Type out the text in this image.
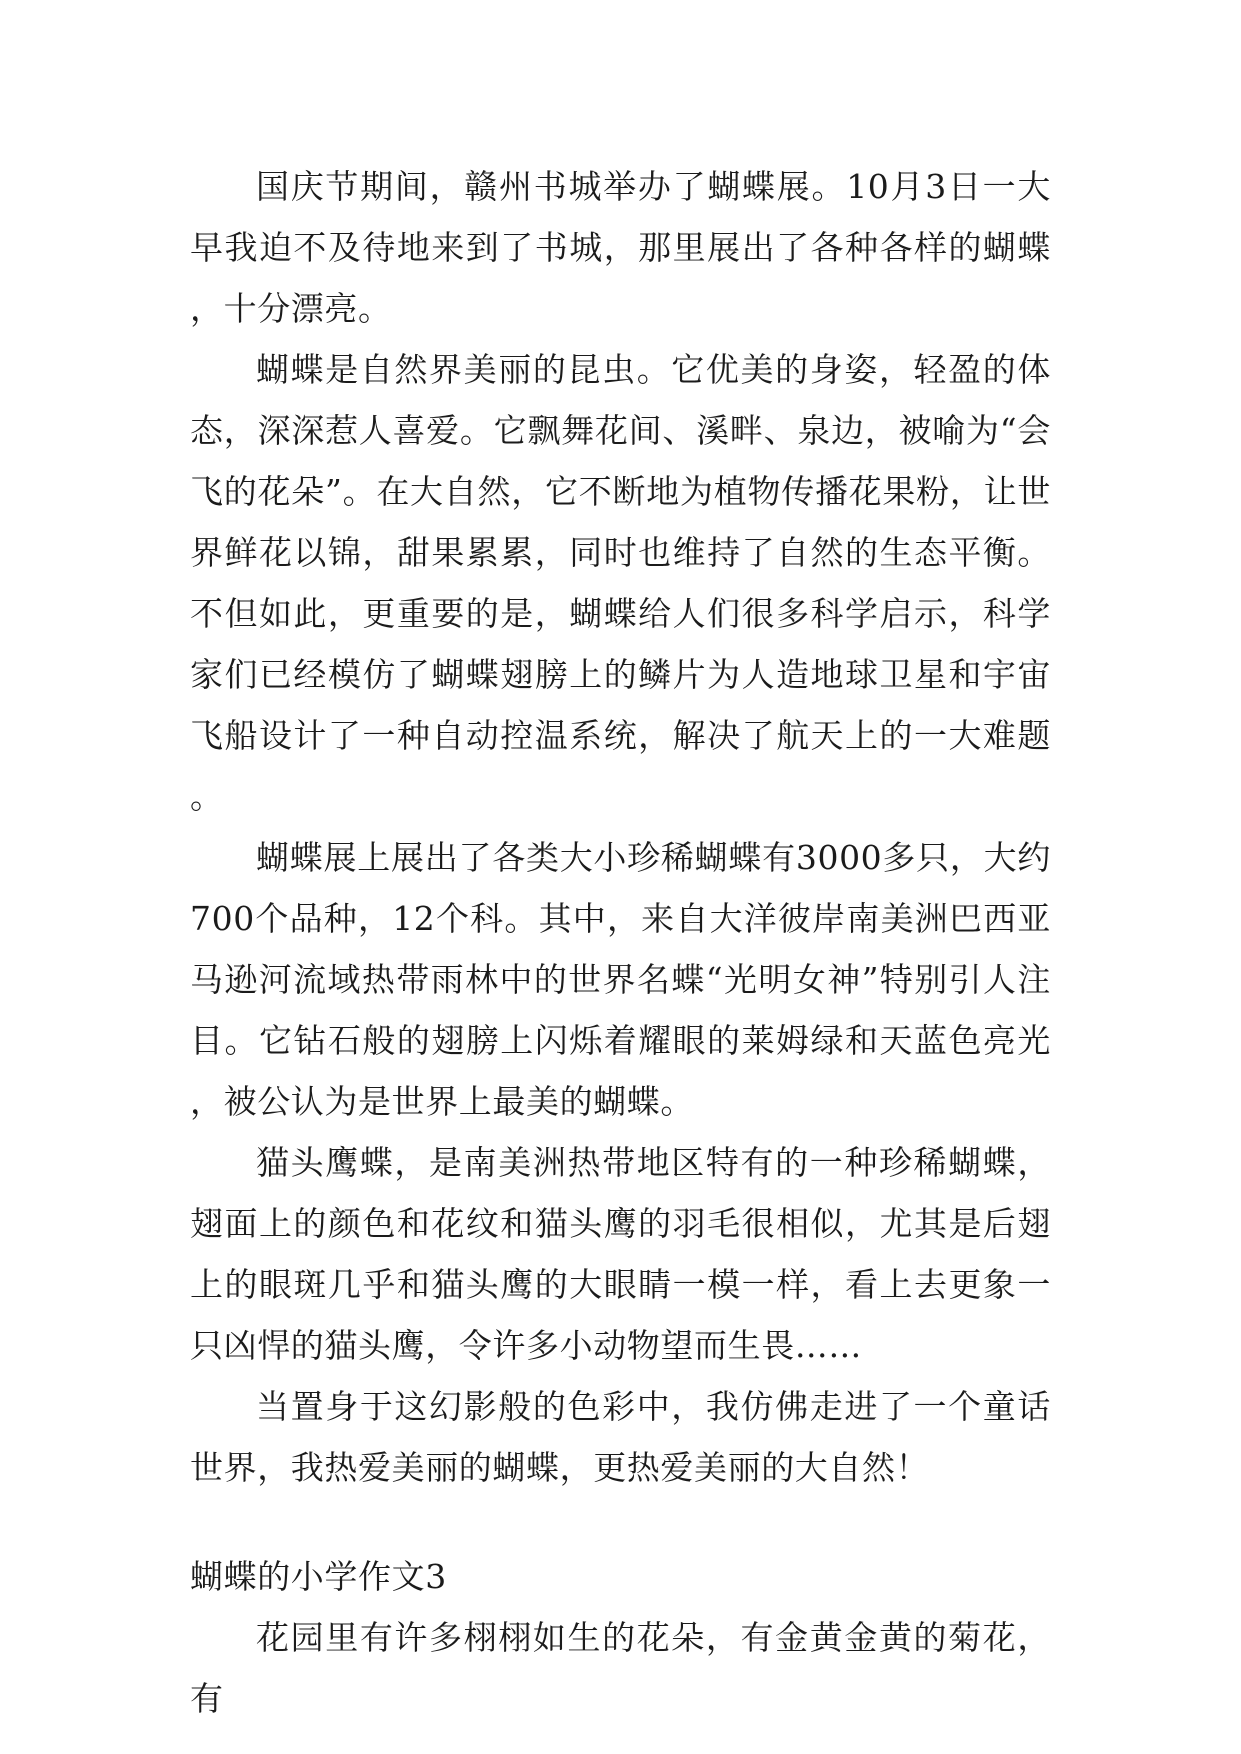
国庆节期间，赣州书城举办了蝴蝶展。10月3日一大早我迫不及待地来到了书城，那里展出了各种各样的蝴蝶，十分漂亮。

蝴蝶是自然界美丽的昆虫。它优美的身姿，轻盈的体态，深深惹人喜爱。它飘舞花间、溪畔、泉边，被喻为“会飞的花朵”。在大自然，它不断地为植物传播花果粉，让世界鲜花以锦，甜果累累，同时也维持了自然的生态平衡。不但如此，更重要的是，蝴蝶给人们很多科学启示，科学家们已经模仿了蝴蝶翅膀上的鳞片为人造地球卫星和宇宙飞船设计了一种自动控温系统，解决了航天上的一大难题。

蝴蝶展上展出了各类大小珍稀蝴蝶有3000多只，大约700个品种，12个科。其中，来自大洋彼岸南美洲巴西亚马逊河流域热带雨林中的世界名蝶“光明女神”特别引人注目。它钻石般的翅膀上闪烁着耀眼的莱姆绿和天蓝色亮光，被公认为是世界上最美的蝴蝶。

猫头鹰蝶，是南美洲热带地区特有的一种珍稀蝴蝶，翅面上的颜色和花纹和猫头鹰的羽毛很相似，尤其是后翅上的眼斑几乎和猫头鹰的大眼睛一模一样，看上去更象一只凶悍的猫头鹰，令许多小动物望而生畏……

当置身于这幻影般的色彩中，我仿佛走进了一个童话世界，我热爱美丽的蝴蝶，更热爱美丽的大自然！

蝴蝶的小学作文3

花园里有许多栩栩如生的花朵，有金黄金黄的菊花，有
